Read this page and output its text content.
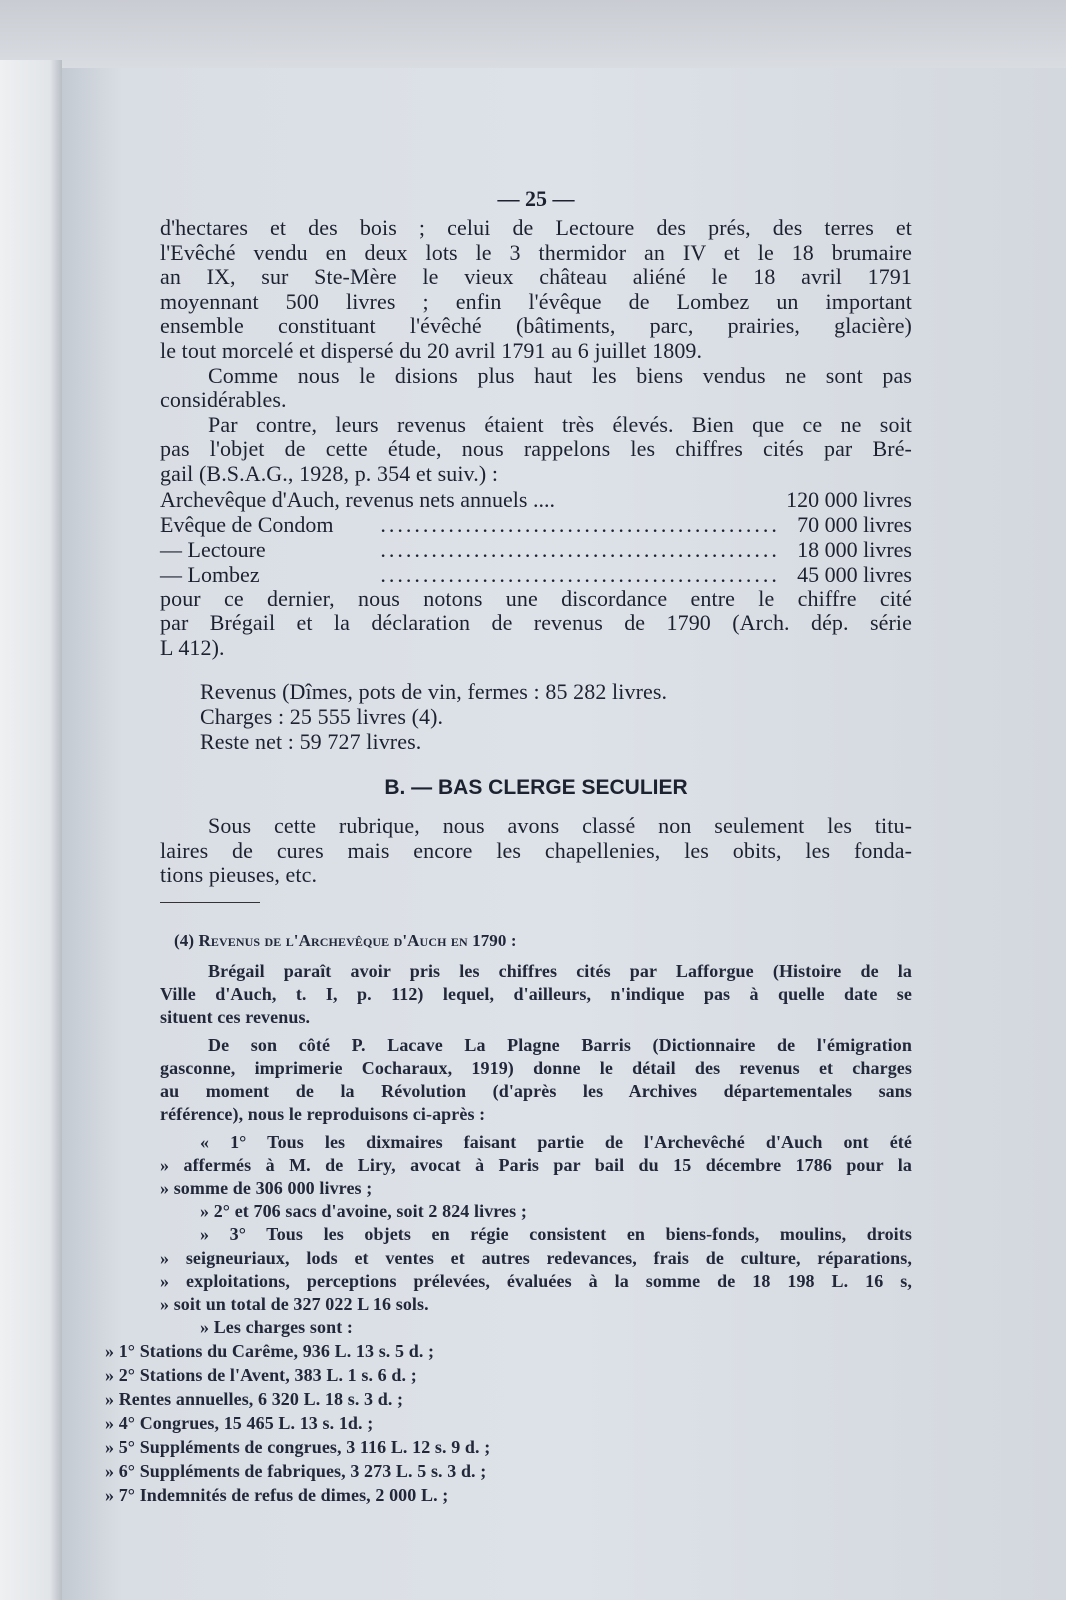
— 25 —
d'hectares et des bois ; celui de Lectoure des prés, des terres et
l'Evêché vendu en deux lots le 3 thermidor an IV et le 18 brumaire
an IX, sur Ste-Mère le vieux château aliéné le 18 avril 1791
moyennant 500 livres ; enfin l'évêque de Lombez un important
ensemble constituant l'évêché (bâtiments, parc, prairies, glacière)
le tout morcelé et dispersé du 20 avril 1791 au 6 juillet 1809.
Comme nous le disions plus haut les biens vendus ne sont pas
considérables.
Par contre, leurs revenus étaient très élevés. Bien que ce ne soit
pas l'objet de cette étude, nous rappelons les chiffres cités par Bré-
gail (B.S.A.G., 1928, p. 354 et suiv.) :
Archevêque d'Auch, revenus nets annuels ....	120 000 livres
Evêque de Condom	............................................... 70 000 livres
— Lectoure	............................................... 18 000 livres
— Lombez	............................................... 45 000 livres
pour ce dernier, nous notons une discordance entre le chiffre cité
par Brégail et la déclaration de revenus de 1790 (Arch. dép. série
L 412).
Revenus (Dîmes, pots de vin, fermes : 85 282 livres.
Charges : 25 555 livres (4).
Reste net : 59 727 livres.
B. — BAS CLERGE SECULIER
Sous cette rubrique, nous avons classé non seulement les titu-
laires de cures mais encore les chapellenies, les obits, les fonda-
tions pieuses, etc.
(4) Revenus de l'Archevêque d'Auch en 1790 :
Brégail paraît avoir pris les chiffres cités par Lafforgue (Histoire de la
Ville d'Auch, t. I, p. 112) lequel, d'ailleurs, n'indique pas à quelle date se
situent ces revenus.
De son côté P. Lacave La Plagne Barris (Dictionnaire de l'émigration
gasconne, imprimerie Cocharaux, 1919) donne le détail des revenus et charges
au moment de la Révolution (d'après les Archives départementales sans
référence), nous le reproduisons ci-après :
« 1° Tous les dixmaires faisant partie de l'Archevêché d'Auch ont été
» affermés à M. de Liry, avocat à Paris par bail du 15 décembre 1786 pour la
» somme de 306 000 livres ;
» 2° et 706 sacs d'avoine, soit 2 824 livres ;
» 3° Tous les objets en régie consistent en biens-fonds, moulins, droits
» seigneuriaux, lods et ventes et autres redevances, frais de culture, réparations,
» exploitations, perceptions prélevées, évaluées à la somme de 18 198 L. 16 s,
» soit un total de 327 022 L 16 sols.
» Les charges sont :
» 1° Stations du Carême, 936 L. 13 s. 5 d. ;
» 2° Stations de l'Avent, 383 L. 1 s. 6 d. ;
» Rentes annuelles, 6 320 L. 18 s. 3 d. ;
» 4° Congrues, 15 465 L. 13 s. 1d. ;
» 5° Suppléments de congrues, 3 116 L. 12 s. 9 d. ;
» 6° Suppléments de fabriques, 3 273 L. 5 s. 3 d. ;
» 7° Indemnités de refus de dimes, 2 000 L. ;
